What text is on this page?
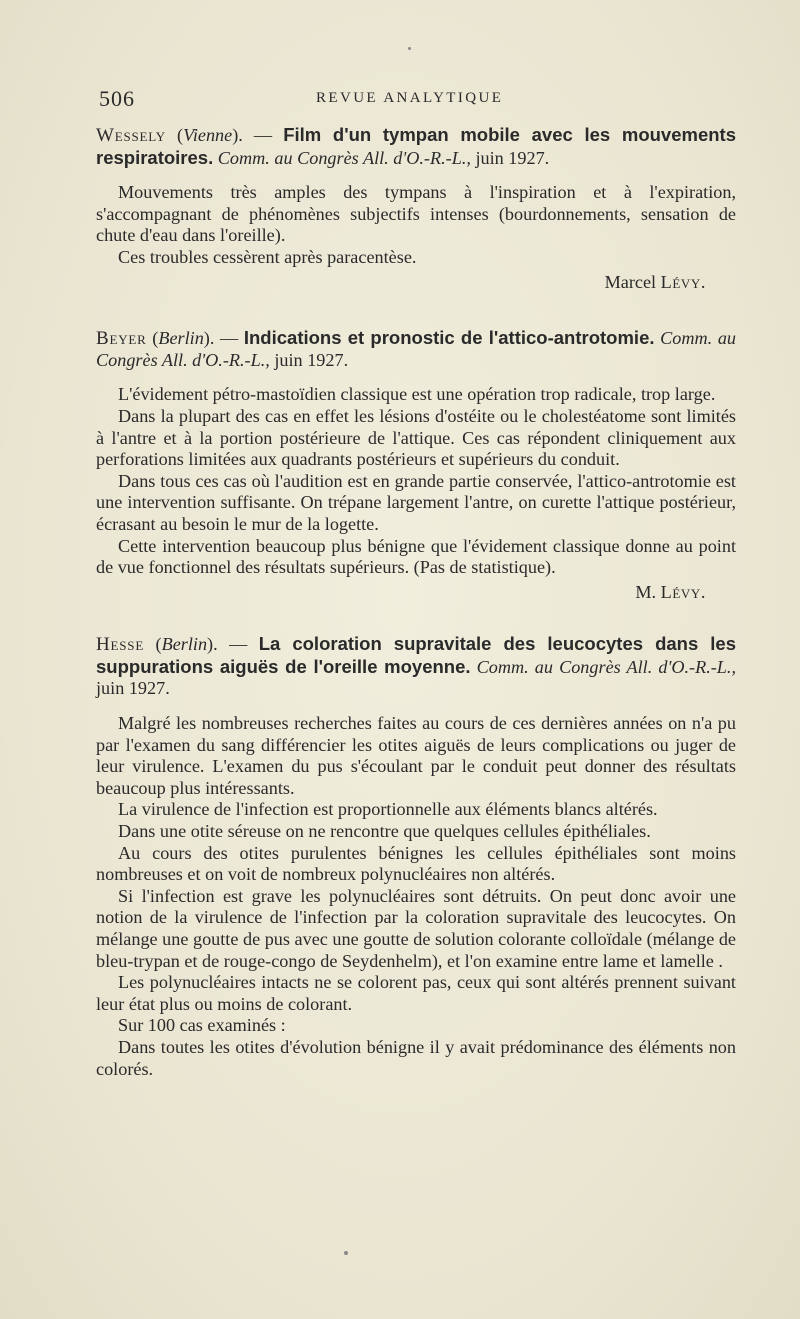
506	REVUE ANALYTIQUE
Wessely (Vienne). — Film d'un tympan mobile avec les mouvements respiratoires. Comm. au Congrès All. d'O.-R.-L., juin 1927.

Mouvements très amples des tympans à l'inspiration et à l'expiration, s'accompagnant de phénomènes subjectifs intenses (bourdonnements, sensation de chute d'eau dans l'oreille).

Ces troubles cessèrent après paracentèse.

Marcel Lévy.
Beyer (Berlin). — Indications et pronostic de l'attico-antrotomie. Comm. au Congrès All. d'O.-R.-L., juin 1927.

L'évidement pétro-mastoïdien classique est une opération trop radicale, trop large.

Dans la plupart des cas en effet les lésions d'ostéite ou le cholestéatome sont limités à l'antre et à la portion postérieure de l'attique. Ces cas répondent cliniquement aux perforations limitées aux quadrants postérieurs et supérieurs du conduit.

Dans tous ces cas où l'audition est en grande partie conservée, l'attico-antrotomie est une intervention suffisante. On trépane largement l'antre, on curette l'attique postérieur, écrasant au besoin le mur de la logette.

Cette intervention beaucoup plus bénigne que l'évidement classique donne au point de vue fonctionnel des résultats supérieurs. (Pas de statistique).

M. Lévy.
Hesse (Berlin). — La coloration supravitale des leucocytes dans les suppurations aiguës de l'oreille moyenne. Comm. au Congrès All. d'O.-R.-L., juin 1927.

Malgré les nombreuses recherches faites au cours de ces dernières années on n'a pu par l'examen du sang différencier les otites aiguës de leurs complications ou juger de leur virulence. L'examen du pus s'écoulant par le conduit peut donner des résultats beaucoup plus intéressants.

La virulence de l'infection est proportionnelle aux éléments blancs altérés.

Dans une otite séreuse on ne rencontre que quelques cellules épithéliales.

Au cours des otites purulentes bénignes les cellules épithéliales sont moins nombreuses et on voit de nombreux polynucléaires non altérés.

Si l'infection est grave les polynucléaires sont détruits. On peut donc avoir une notion de la virulence de l'infection par la coloration supravitale des leucocytes. On mélange une goutte de pus avec une goutte de solution colorante colloïdale (mélange de bleu-trypan et de rouge-congo de Seydenhelm), et l'on examine entre lame et lamelle .

Les polynucléaires intacts ne se colorent pas, ceux qui sont altérés prennent suivant leur état plus ou moins de colorant.

Sur 100 cas examinés :

Dans toutes les otites d'évolution bénigne il y avait prédominance des éléments non colorés.
